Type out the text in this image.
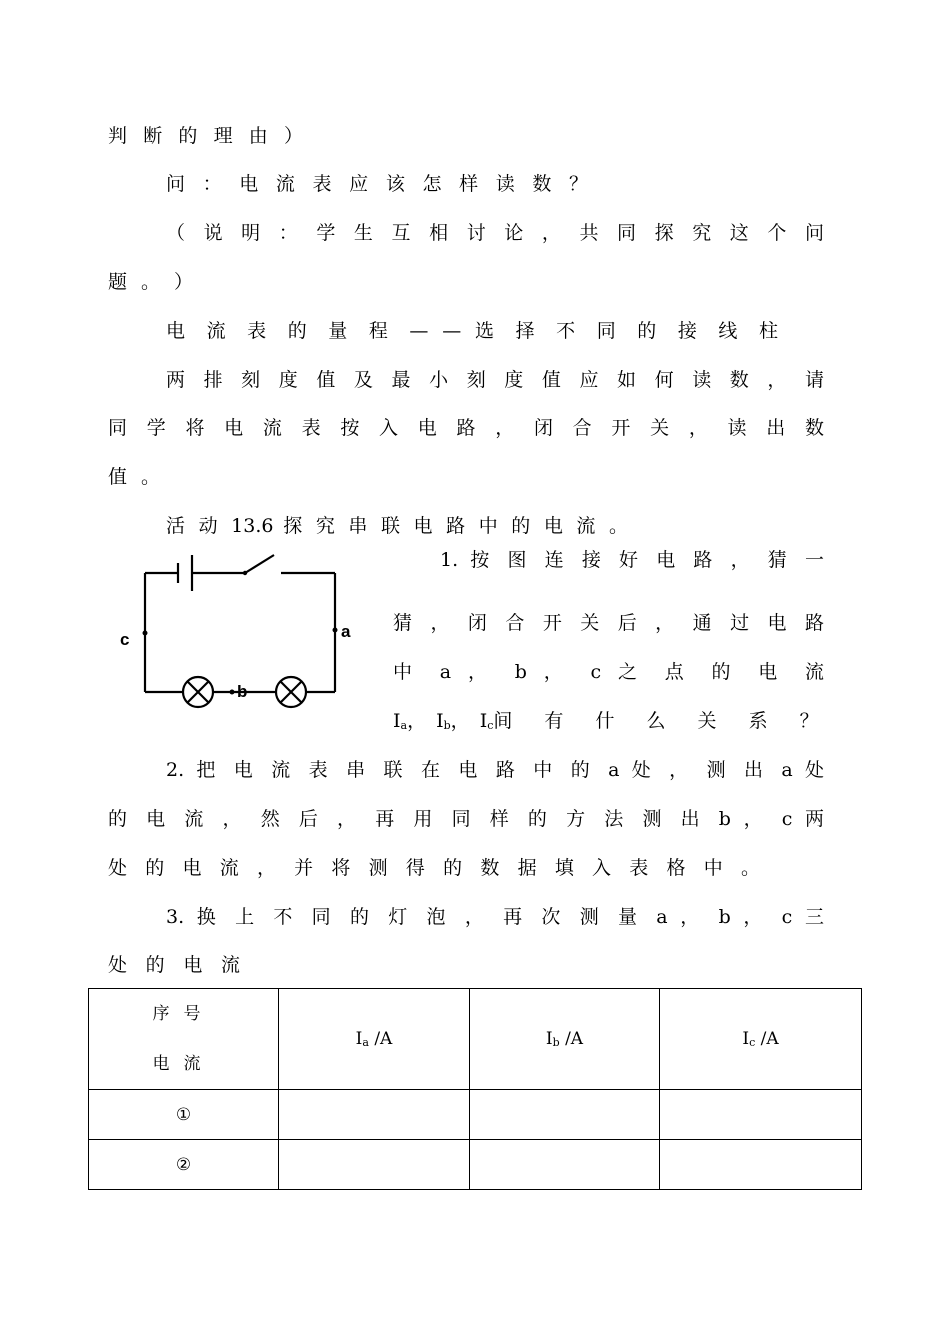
判 断 的 理 由 ）
问 ： 电 流 表 应 该 怎 样 读 数 ？
（ 说 明 ： 学 生 互 相 讨 论 ， 共 同 探 究 这 个 问
题 。 ）
电 流 表 的 量 程 — — 选 择 不 同 的 接 线 柱
两 排 刻 度 值 及 最 小 刻 度 值 应 如 何 读 数 ， 请
同 学 将 电 流 表 按 入 电 路 ， 闭 合 开 关 ， 读 出 数
值 。
活 动 13.6 探 究 串 联 电 路 中 的 电 流 。
c	a
b
1. 按 图 连 接 好 电 路 ， 猜 一
猜 ， 闭 合 开 关 后 ， 通 过 电 路
中 a ， b ， c 之 点 的 电 流
Ia， Ib， Ic间 有 什 么 关 系 ？
2. 把 电 流 表 串 联 在 电 路 中 的 a 处 ， 测 出 a 处
的 电 流 ， 然 后 ， 再 用 同 样 的 方 法 测 出 b ， c 两
处 的 电 流 ， 并 将 测 得 的 数 据 填 入 表 格 中 。
3. 换 上 不 同 的 灯 泡 ， 再 次 测 量 a ， b ， c 三
处 的 电 流
序号
电流	Ia /A	Ib /A	Ic /A
①			
②			
